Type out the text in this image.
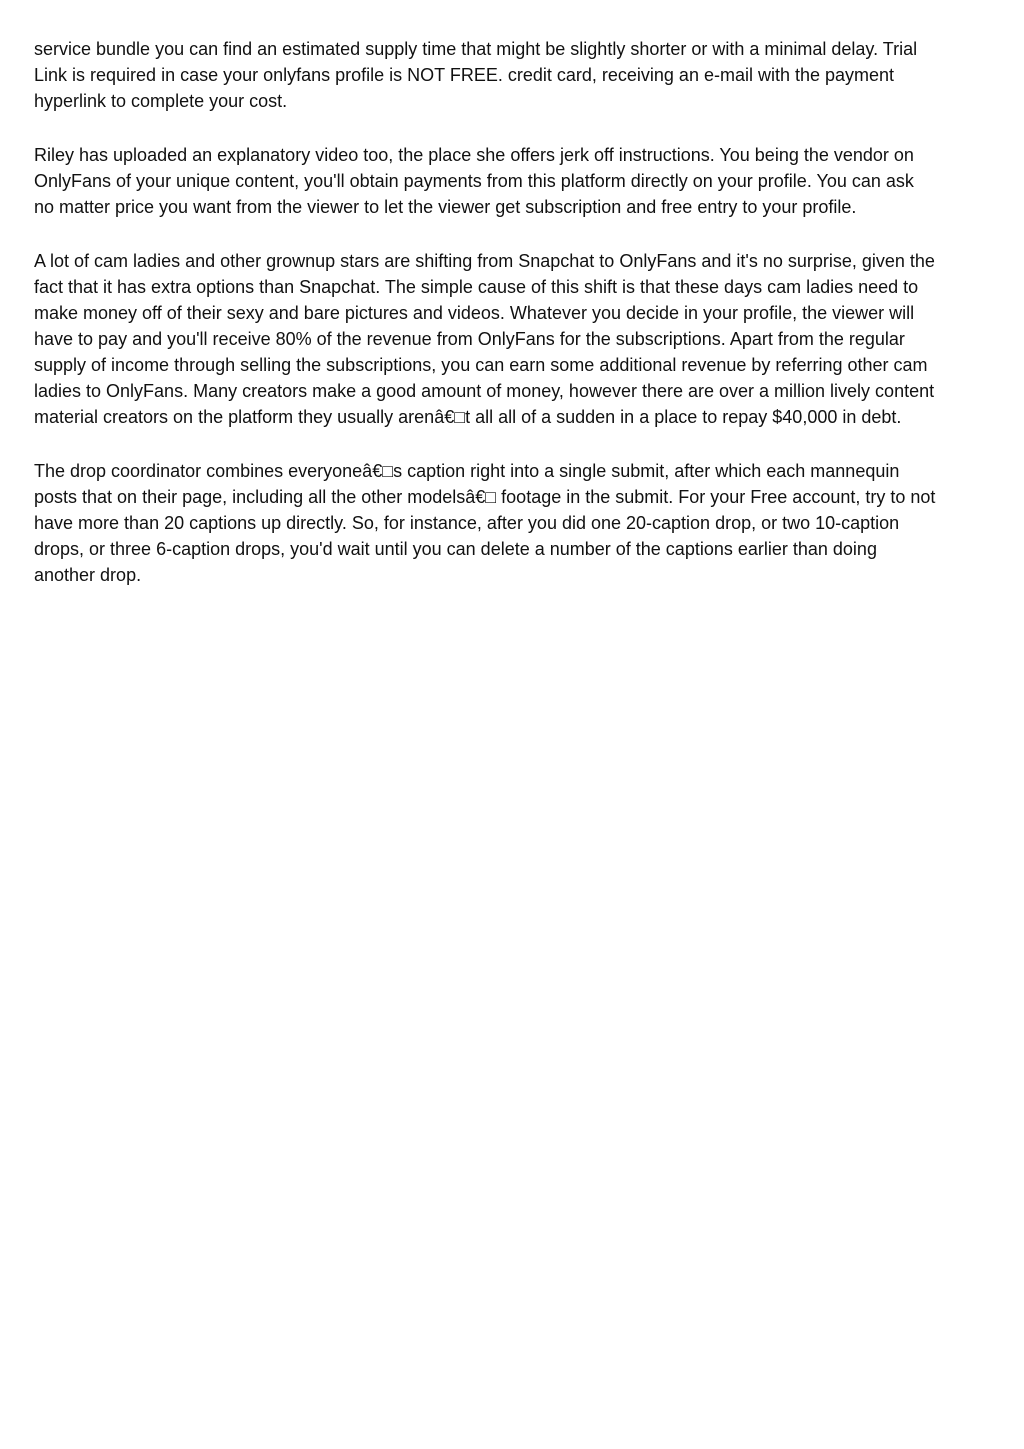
service bundle you can find an estimated supply time that might be slightly shorter or with a minimal delay. Trial
Link is required in case your onlyfans profile is NOT FREE. credit card, receiving an e-mail with the payment
hyperlink to complete your cost.

Riley has uploaded an explanatory video too, the place she offers jerk off instructions. You being the vendor on
OnlyFans of your unique content, you'll obtain payments from this platform directly on your profile. You can ask
no matter price you want from the viewer to let the viewer get subscription and free entry to your profile.

A lot of cam ladies and other grownup stars are shifting from Snapchat to OnlyFans and it's no surprise, given the
fact that it has extra options than Snapchat. The simple cause of this shift is that these days cam ladies need to
make money off of their sexy and bare pictures and videos. Whatever you decide in your profile, the viewer will
have to pay and you'll receive 80% of the revenue from OnlyFans for the subscriptions. Apart from the regular
supply of income through selling the subscriptions, you can earn some additional revenue by referring other cam
ladies to OnlyFans. Many creators make a good amount of money, however there are over a million lively content
material creators on the platform they usually arenâ€□t all all of a sudden in a place to repay $40,000 in debt.

The drop coordinator combines everyoneâ€□s caption right into a single submit, after which each mannequin
posts that on their page, including all the other modelsâ€□ footage in the submit. For your Free account, try to not
have more than 20 captions up directly. So, for instance, after you did one 20-caption drop, or two 10-caption
drops, or three 6-caption drops, you'd wait until you can delete a number of the captions earlier than doing
another drop.
